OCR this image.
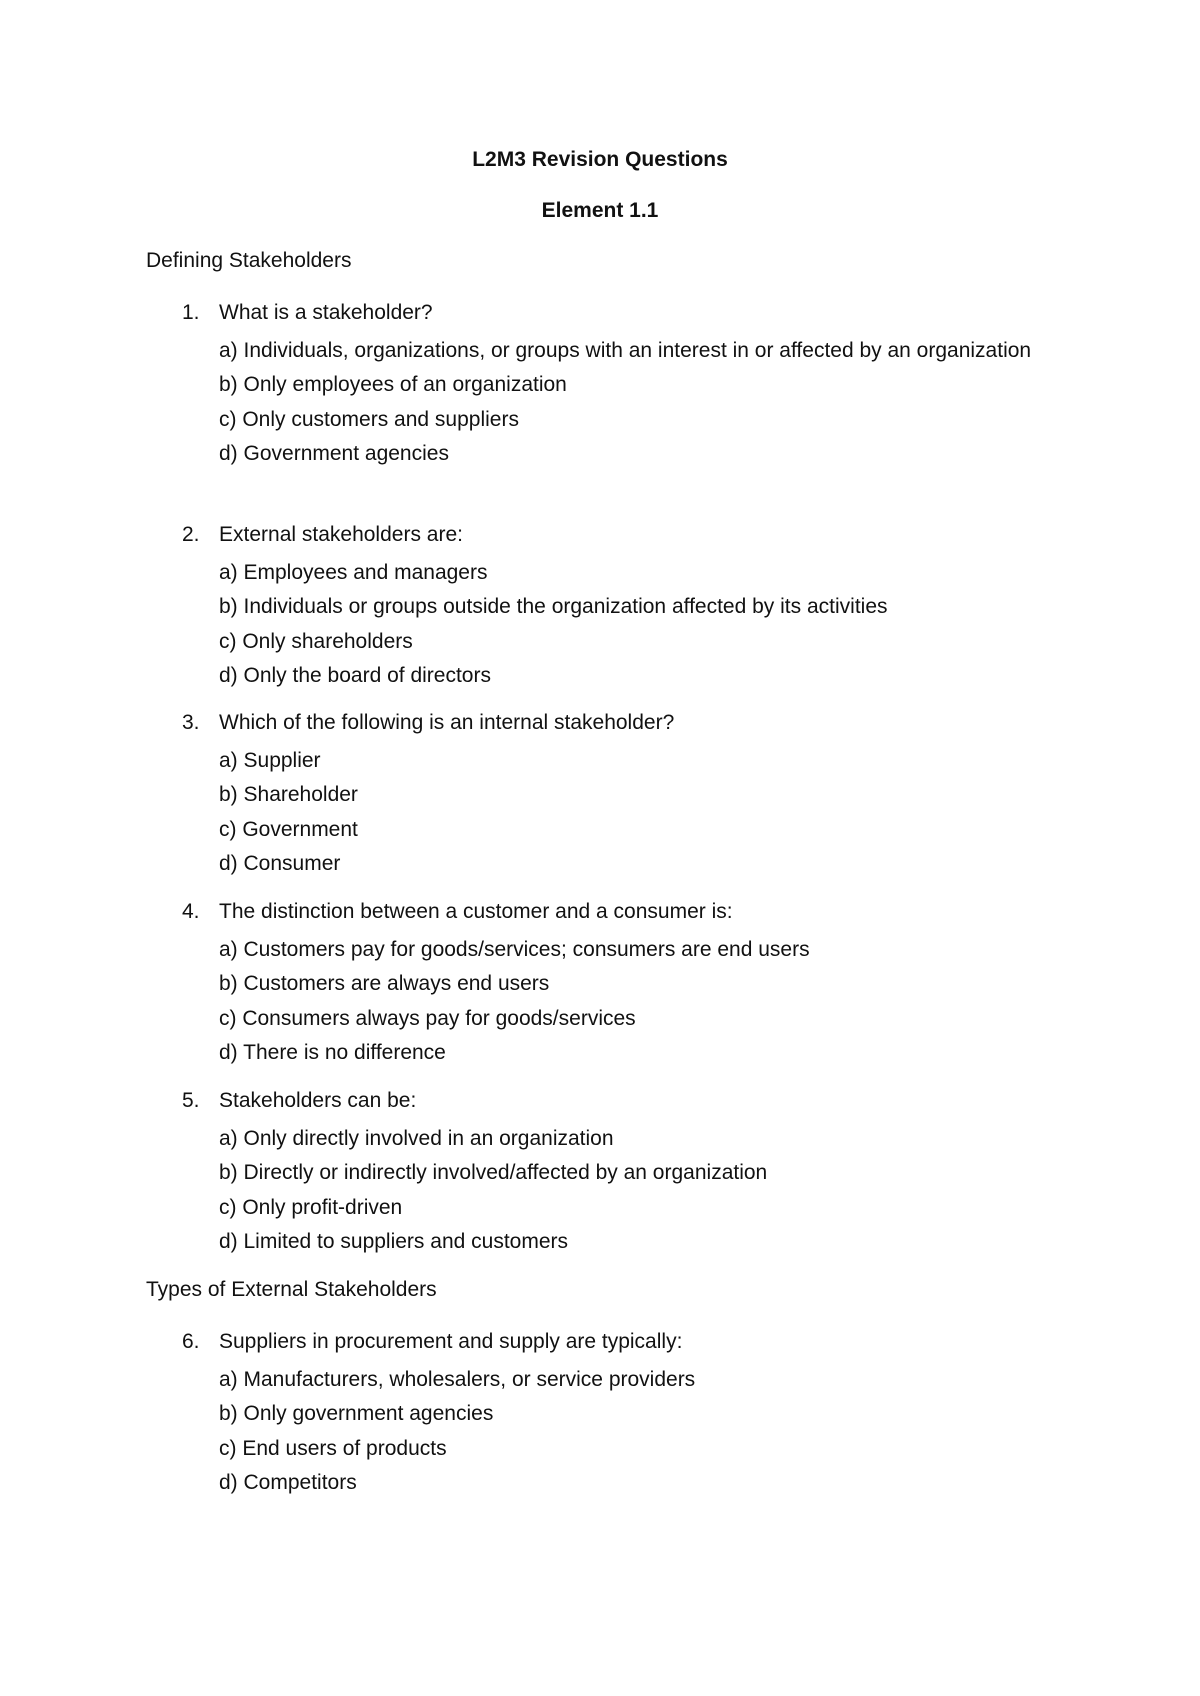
L2M3 Revision Questions
Element 1.1
Defining Stakeholders
1. What is a stakeholder?
a) Individuals, organizations, or groups with an interest in or affected by an organization
b) Only employees of an organization
c) Only customers and suppliers
d) Government agencies
2. External stakeholders are:
a) Employees and managers
b) Individuals or groups outside the organization affected by its activities
c) Only shareholders
d) Only the board of directors
3. Which of the following is an internal stakeholder?
a) Supplier
b) Shareholder
c) Government
d) Consumer
4. The distinction between a customer and a consumer is:
a) Customers pay for goods/services; consumers are end users
b) Customers are always end users
c) Consumers always pay for goods/services
d) There is no difference
5. Stakeholders can be:
a) Only directly involved in an organization
b) Directly or indirectly involved/affected by an organization
c) Only profit-driven
d) Limited to suppliers and customers
Types of External Stakeholders
6. Suppliers in procurement and supply are typically:
a) Manufacturers, wholesalers, or service providers
b) Only government agencies
c) End users of products
d) Competitors
